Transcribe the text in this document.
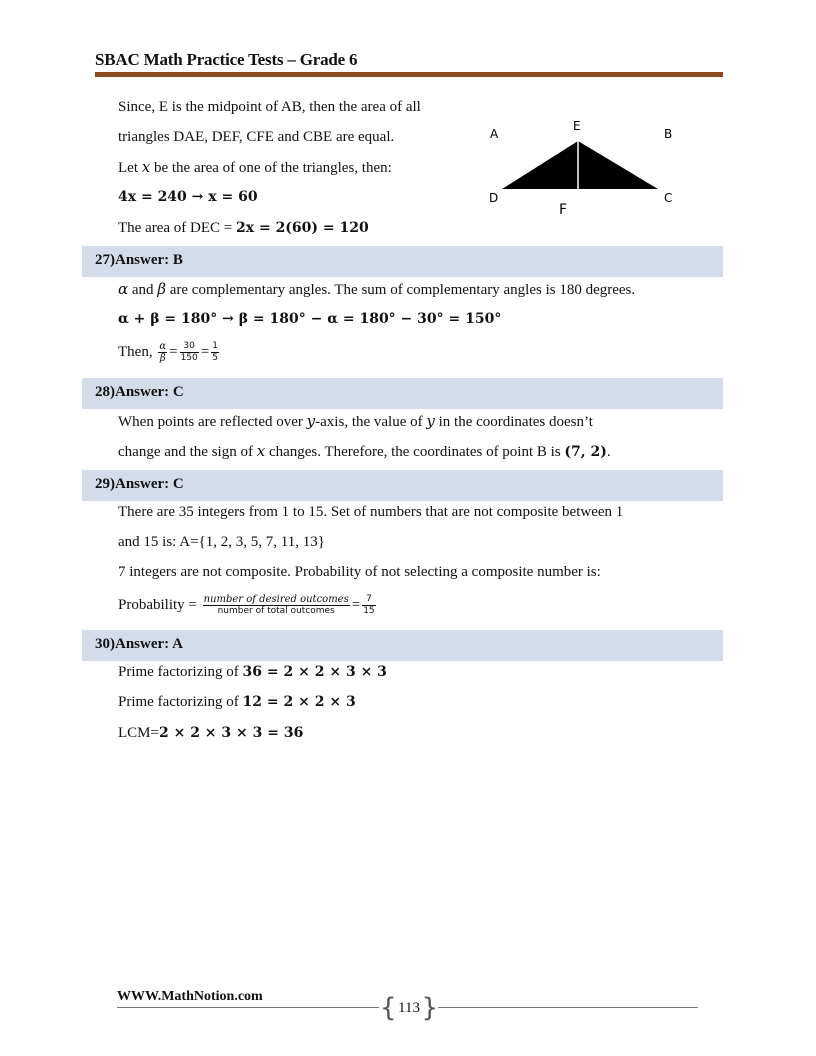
SBAC Math Practice Tests – Grade 6
Since, E is the midpoint of AB, then the area of all
triangles DAE, DEF, CFE and CBE are equal.
Let x be the area of one of the triangles, then:
4x = 240 → x = 60
The area of DEC = 2x = 2(60) = 120
A
E
B
D
F
C
27)Answer: B
α and β are complementary angles. The sum of complementary angles is 180 degrees.
α + β = 180° → β = 180° − α = 180° − 30° = 150°
Then, $\frac{\alpha}{\beta} = \frac{30}{150} = \frac{1}{5}$
28)Answer: C
When points are reflected over y-axis, the value of y in the coordinates doesn’t
change and the sign of x changes. Therefore, the coordinates of point B is (7, 2).
29)Answer: C
There are 35 integers from 1 to 15. Set of numbers that are not composite between 1
and 15 is: A={1, 2, 3, 5, 7, 11, 13}
7 integers are not composite. Probability of not selecting a composite number is:
Probability = $\frac{\text{number of desired outcomes}}{\text{number of total outcomes}} = \frac{7}{15}$
30)Answer: A
Prime factorizing of 36 = 2 × 2 × 3 × 3
Prime factorizing of 12 = 2 × 2 × 3
LCM=2 × 2 × 3 × 3 = 36
WWW.MathNotion.com	{ 113 }
